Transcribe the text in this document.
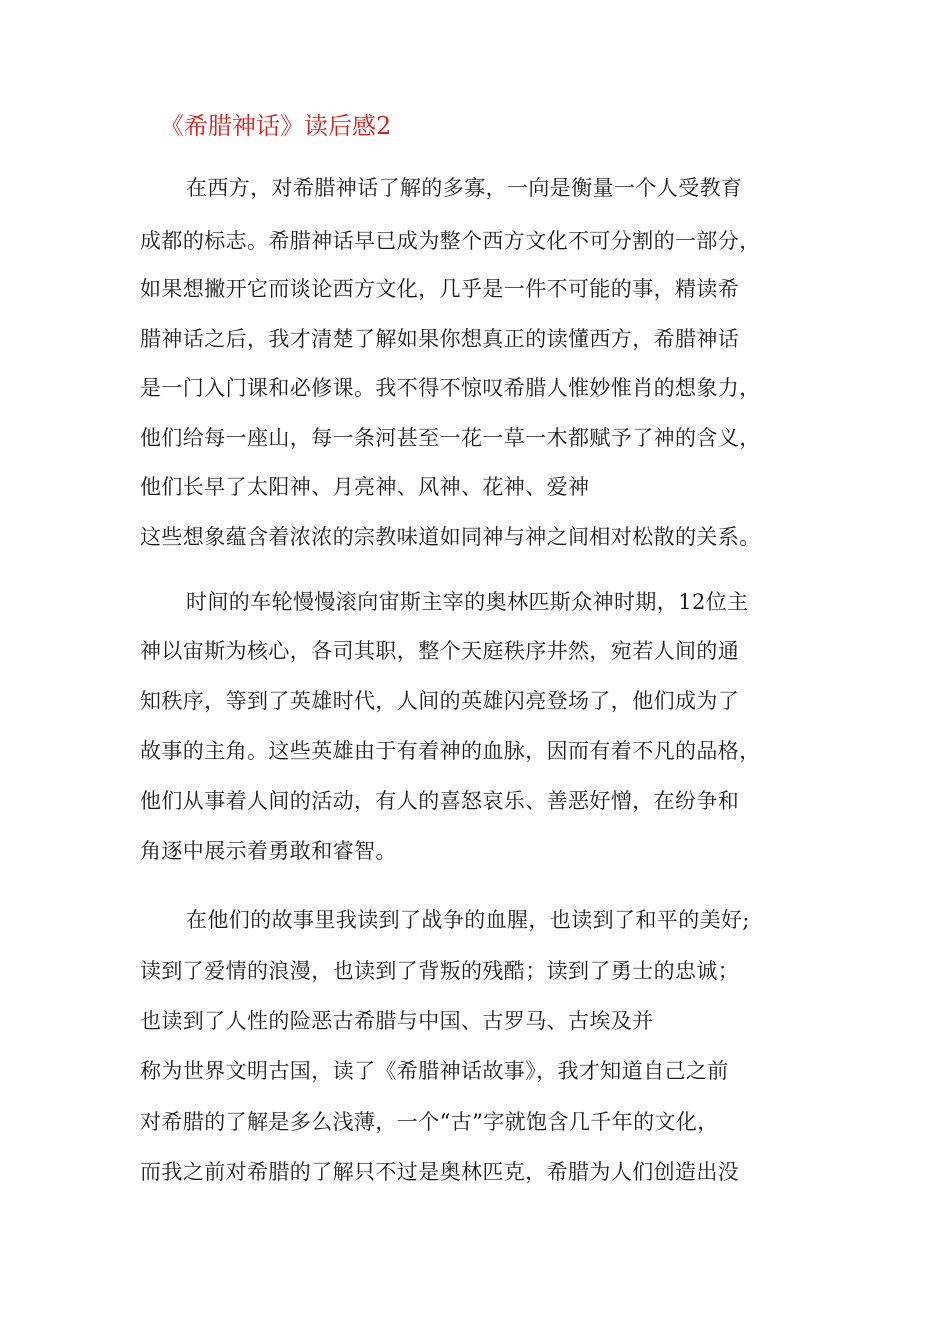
《希腊神话》读后感2
在西方，对希腊神话了解的多寡，一向是衡量一个人受教育
成都的标志。希腊神话早已成为整个西方文化不可分割的一部分，
如果想撇开它而谈论西方文化，几乎是一件不可能的事，精读希
腊神话之后，我才清楚了解如果你想真正的读懂西方，希腊神话
是一门入门课和必修课。我不得不惊叹希腊人惟妙惟肖的想象力，
他们给每一座山，每一条河甚至一花一草一木都赋予了神的含义，
他们长早了太阳神、月亮神、风神、花神、爱神
这些想象蕴含着浓浓的宗教味道如同神与神之间相对松散的关系。
时间的车轮慢慢滚向宙斯主宰的奥林匹斯众神时期，12位主
神以宙斯为核心，各司其职，整个天庭秩序井然，宛若人间的通
知秩序，等到了英雄时代，人间的英雄闪亮登场了，他们成为了
故事的主角。这些英雄由于有着神的血脉，因而有着不凡的品格，
他们从事着人间的活动，有人的喜怒哀乐、善恶好憎，在纷争和
角逐中展示着勇敢和睿智。
在他们的故事里我读到了战争的血腥，也读到了和平的美好;
读到了爱情的浪漫，也读到了背叛的残酷；读到了勇士的忠诚；
也读到了人性的险恶古希腊与中国、古罗马、古埃及并
称为世界文明古国，读了《希腊神话故事》，我才知道自己之前
对希腊的了解是多么浅薄，一个“古”字就饱含几千年的文化，
而我之前对希腊的了解只不过是奥林匹克，希腊为人们创造出没
